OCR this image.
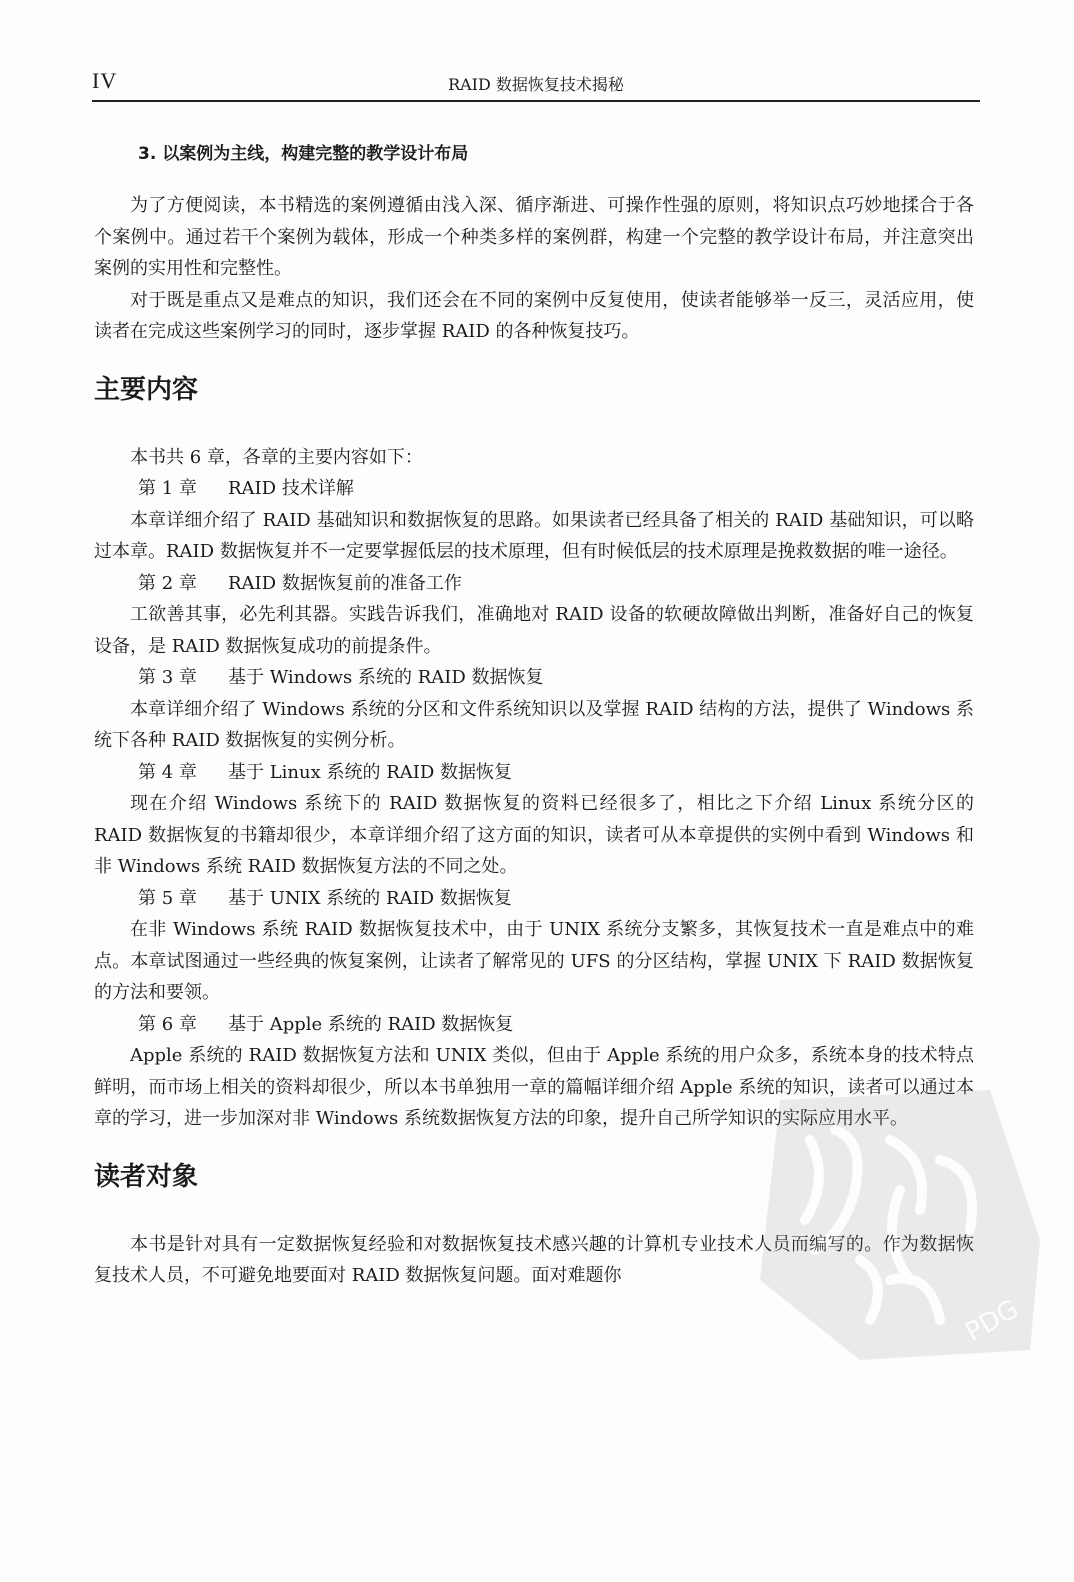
IV	RAID 数据恢复技术揭秘
3. 以案例为主线，构建完整的教学设计布局

为了方便阅读，本书精选的案例遵循由浅入深、循序渐进、可操作性强的原则，将知识点巧妙地揉合于各个案例中。通过若干个案例为载体，形成一个种类多样的案例群，构建一个完整的教学设计布局，并注意突出案例的实用性和完整性。

对于既是重点又是难点的知识，我们还会在不同的案例中反复使用，使读者能够举一反三，灵活应用，使读者在完成这些案例学习的同时，逐步掌握 RAID 的各种恢复技巧。

主要内容

本书共 6 章，各章的主要内容如下：

第 1 章 RAID 技术详解

本章详细介绍了 RAID 基础知识和数据恢复的思路。如果读者已经具备了相关的 RAID 基础知识，可以略过本章。RAID 数据恢复并不一定要掌握低层的技术原理，但有时候低层的技术原理是挽救数据的唯一途径。

第 2 章 RAID 数据恢复前的准备工作

工欲善其事，必先利其器。实践告诉我们，准确地对 RAID 设备的软硬故障做出判断，准备好自己的恢复设备，是 RAID 数据恢复成功的前提条件。

第 3 章 基于 Windows 系统的 RAID 数据恢复

本章详细介绍了 Windows 系统的分区和文件系统知识以及掌握 RAID 结构的方法，提供了 Windows 系统下各种 RAID 数据恢复的实例分析。

第 4 章 基于 Linux 系统的 RAID 数据恢复

现在介绍 Windows 系统下的 RAID 数据恢复的资料已经很多了，相比之下介绍 Linux 系统分区的 RAID 数据恢复的书籍却很少，本章详细介绍了这方面的知识，读者可从本章提供的实例中看到 Windows 和非 Windows 系统 RAID 数据恢复方法的不同之处。

第 5 章 基于 UNIX 系统的 RAID 数据恢复

在非 Windows 系统 RAID 数据恢复技术中，由于 UNIX 系统分支繁多，其恢复技术一直是难点中的难点。本章试图通过一些经典的恢复案例，让读者了解常见的 UFS 的分区结构，掌握 UNIX 下 RAID 数据恢复的方法和要领。

第 6 章 基于 Apple 系统的 RAID 数据恢复

Apple 系统的 RAID 数据恢复方法和 UNIX 类似，但由于 Apple 系统的用户众多，系统本身的技术特点鲜明，而市场上相关的资料却很少，所以本书单独用一章的篇幅详细介绍 Apple 系统的知识，读者可以通过本章的学习，进一步加深对非 Windows 系统数据恢复方法的印象，提升自己所学知识的实际应用水平。

读者对象

本书是针对具有一定数据恢复经验和对数据恢复技术感兴趣的计算机专业技术人员而编写的。作为数据恢复技术人员，不可避免地要面对 RAID 数据恢复问题。面对难题你

PDG
